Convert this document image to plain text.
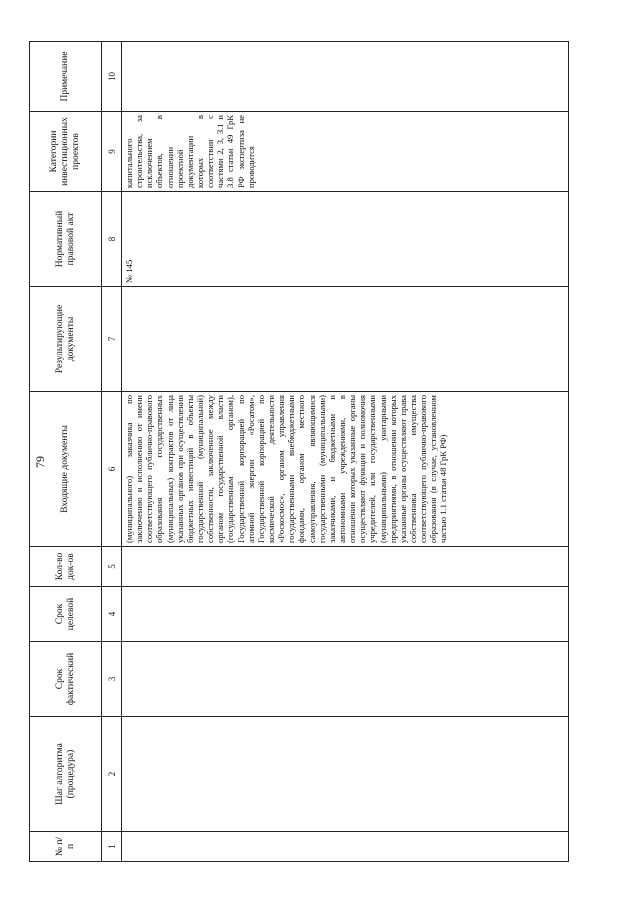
79
№ п/п	Шаг алгоритма (процедура)	Срок фактический	Срок целевой	Кол-во док-ов	Входящие документы	Результирующие документы	Нормативный правовой акт	Категории инвестиционных проектов	Примечание
1	2	3	4	5	6	7	8	9	10
					(муниципального) заказчика по заключению и исполнению от имени соответствующего публично-правового образования государственных (муниципальных) контрактов от лица указанных органов при осуществлении бюджетных инвестиций в объекты государственной (муниципальной) собственности, заключенное между органом государственной власти (государственным органом), Государственной корпорацией по атомной энергии «Росатом», Государственной корпорацией по космической деятельности «Роскосмос», органом управления государственными внебюджетными фондами, органом местного самоуправления, являющимися государственными (муниципальными) заказчиками, и бюджетными и автономными учреждениями, в отношении которых указанные органы осуществляют функции и полномочия учредителей, или государственными (муниципальными) унитарными предприятиями, в отношении которых указанные органы осуществляют права собственника имущества соответствующего публично-правового образования (в случае, установленном частью 1.1 статьи 48 ГрК РФ)		№ 145	капитального строительства, за исключением объектов, в отношении проектной документации которых в соответствии с частями 2, 3, 3.1 и 3.8 статьи 49 ГрК РФ экспертиза не проводится	
